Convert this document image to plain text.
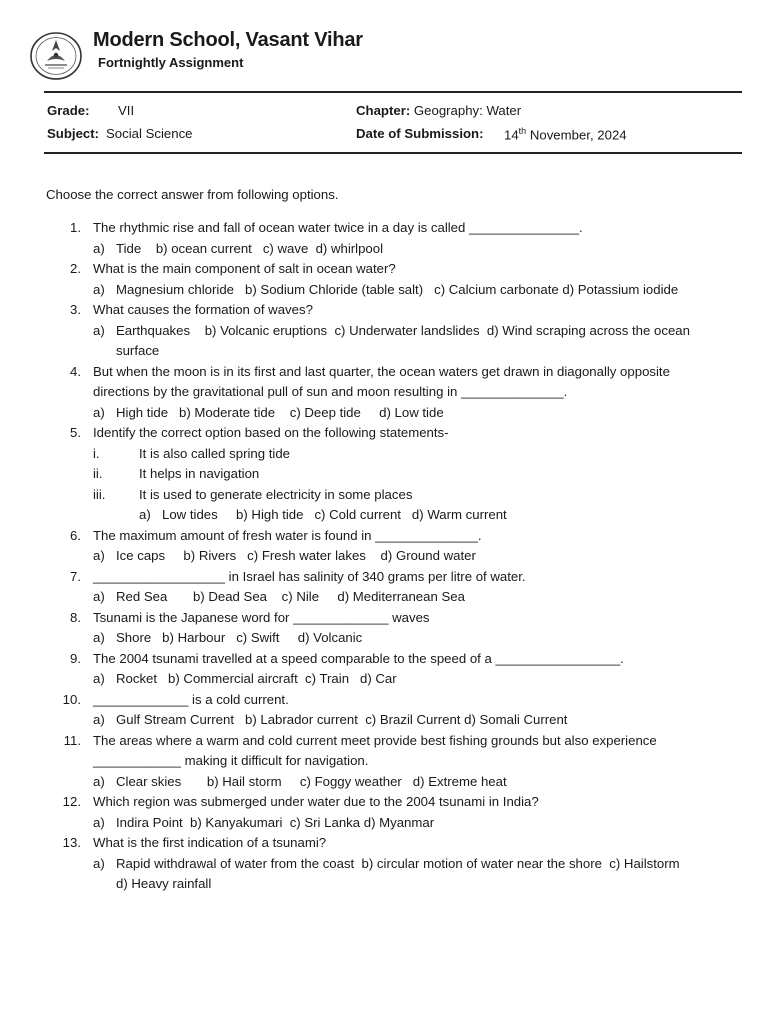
Modern School, Vasant Vihar
Fortnightly Assignment
Grade: VII
Subject: Social Science
Chapter: Geography: Water
Date of Submission: 14th November, 2024
Choose the correct answer from following options.
1. The rhythmic rise and fall of ocean water twice in a day is called _______________.
a) Tide    b) ocean current   c) wave  d) whirlpool
2. What is the main component of salt in ocean water?
a) Magnesium chloride   b) Sodium Chloride (table salt)   c) Calcium carbonate d) Potassium iodide
3. What causes the formation of waves?
a) Earthquakes    b) Volcanic eruptions  c) Underwater landslides  d) Wind scraping across the ocean
surface
4. But when the moon is in its first and last quarter, the ocean waters get drawn in diagonally opposite
directions by the gravitational pull of sun and moon resulting in ______________.
a) High tide   b) Moderate tide    c) Deep tide     d) Low tide
5. Identify the correct option based on the following statements-
i.	It is also called spring tide
ii.	It helps in navigation
iii.	It is used to generate electricity in some places
a) Low tides     b) High tide   c) Cold current   d) Warm current
6. The maximum amount of fresh water is found in ______________.
a) Ice caps     b) Rivers   c) Fresh water lakes    d) Ground water
7. __________________ in Israel has salinity of 340 grams per litre of water.
a) Red Sea       b) Dead Sea    c) Nile     d) Mediterranean Sea
8. Tsunami is the Japanese word for _____________ waves
a) Shore   b) Harbour   c) Swift     d) Volcanic
9. The 2004 tsunami travelled at a speed comparable to the speed of a _________________.
a) Rocket   b) Commercial aircraft  c) Train   d) Car
10. _____________ is a cold current.
a) Gulf Stream Current   b) Labrador current  c) Brazil Current d) Somali Current
11. The areas where a warm and cold current meet provide best fishing grounds but also experience
____________ making it difficult for navigation.
a) Clear skies       b) Hail storm     c) Foggy weather   d) Extreme heat
12. Which region was submerged under water due to the 2004 tsunami in India?
a) Indira Point  b) Kanyakumari  c) Sri Lanka d) Myanmar
13. What is the first indication of a tsunami?
a) Rapid withdrawal of water from the coast  b) circular motion of water near the shore  c) Hailstorm
d) Heavy rainfall
